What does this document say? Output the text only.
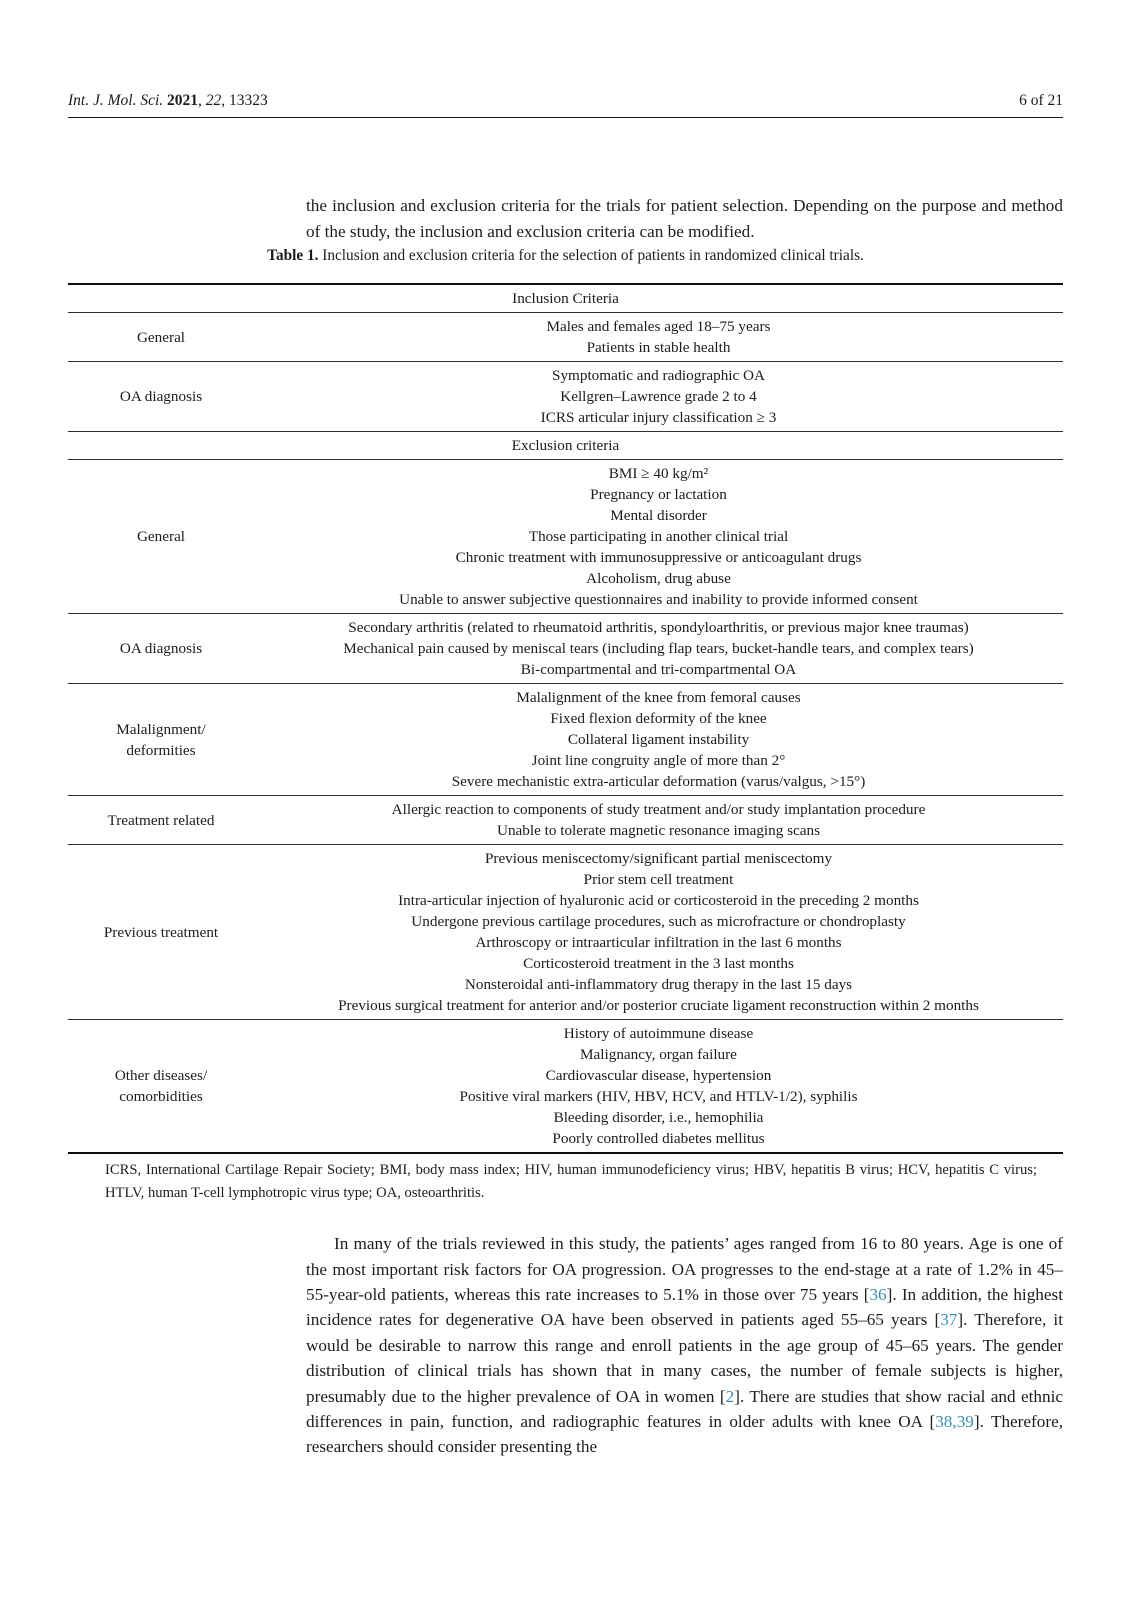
Int. J. Mol. Sci. 2021, 22, 13323	6 of 21

the inclusion and exclusion criteria for the trials for patient selection. Depending on the purpose and method of the study, the inclusion and exclusion criteria can be modified.

Table 1. Inclusion and exclusion criteria for the selection of patients in randomized clinical trials.
Inclusion Criteria
General
Males and females aged 18–75 years
Patients in stable health
OA diagnosis
Symptomatic and radiographic OA
Kellgren–Lawrence grade 2 to 4
ICRS articular injury classification ≥ 3
Exclusion criteria
General
BMI ≥ 40 kg/m²
Pregnancy or lactation
Mental disorder
Those participating in another clinical trial
Chronic treatment with immunosuppressive or anticoagulant drugs
Alcoholism, drug abuse
Unable to answer subjective questionnaires and inability to provide informed consent
OA diagnosis
Secondary arthritis (related to rheumatoid arthritis, spondyloarthritis, or previous major knee traumas)
Mechanical pain caused by meniscal tears (including flap tears, bucket-handle tears, and complex tears)
Bi-compartmental and tri-compartmental OA
Malalignment/
deformities
Malalignment of the knee from femoral causes
Fixed flexion deformity of the knee
Collateral ligament instability
Joint line congruity angle of more than 2°
Severe mechanistic extra-articular deformation (varus/valgus, >15°)
Treatment related
Allergic reaction to components of study treatment and/or study implantation procedure
Unable to tolerate magnetic resonance imaging scans
Previous treatment
Previous meniscectomy/significant partial meniscectomy
Prior stem cell treatment
Intra-articular injection of hyaluronic acid or corticosteroid in the preceding 2 months
Undergone previous cartilage procedures, such as microfracture or chondroplasty
Arthroscopy or intraarticular infiltration in the last 6 months
Corticosteroid treatment in the 3 last months
Nonsteroidal anti-inflammatory drug therapy in the last 15 days
Previous surgical treatment for anterior and/or posterior cruciate ligament reconstruction within 2 months
Other diseases/
comorbidities
History of autoimmune disease
Malignancy, organ failure
Cardiovascular disease, hypertension
Positive viral markers (HIV, HBV, HCV, and HTLV-1/2), syphilis
Bleeding disorder, i.e., hemophilia
Poorly controlled diabetes mellitus
ICRS, International Cartilage Repair Society; BMI, body mass index; HIV, human immunodeficiency virus; HBV, hepatitis B virus; HCV, hepatitis C virus; HTLV, human T-cell lymphotropic virus type; OA, osteoarthritis.

In many of the trials reviewed in this study, the patients’ ages ranged from 16 to 80 years. Age is one of the most important risk factors for OA progression. OA progresses to the end-stage at a rate of 1.2% in 45–55-year-old patients, whereas this rate increases to 5.1% in those over 75 years [36]. In addition, the highest incidence rates for degenerative OA have been observed in patients aged 55–65 years [37]. Therefore, it would be desirable to narrow this range and enroll patients in the age group of 45–65 years. The gender distribution of clinical trials has shown that in many cases, the number of female subjects is higher, presumably due to the higher prevalence of OA in women [2]. There are studies that show racial and ethnic differences in pain, function, and radiographic features in older adults with knee OA [38,39]. Therefore, researchers should consider presenting the
